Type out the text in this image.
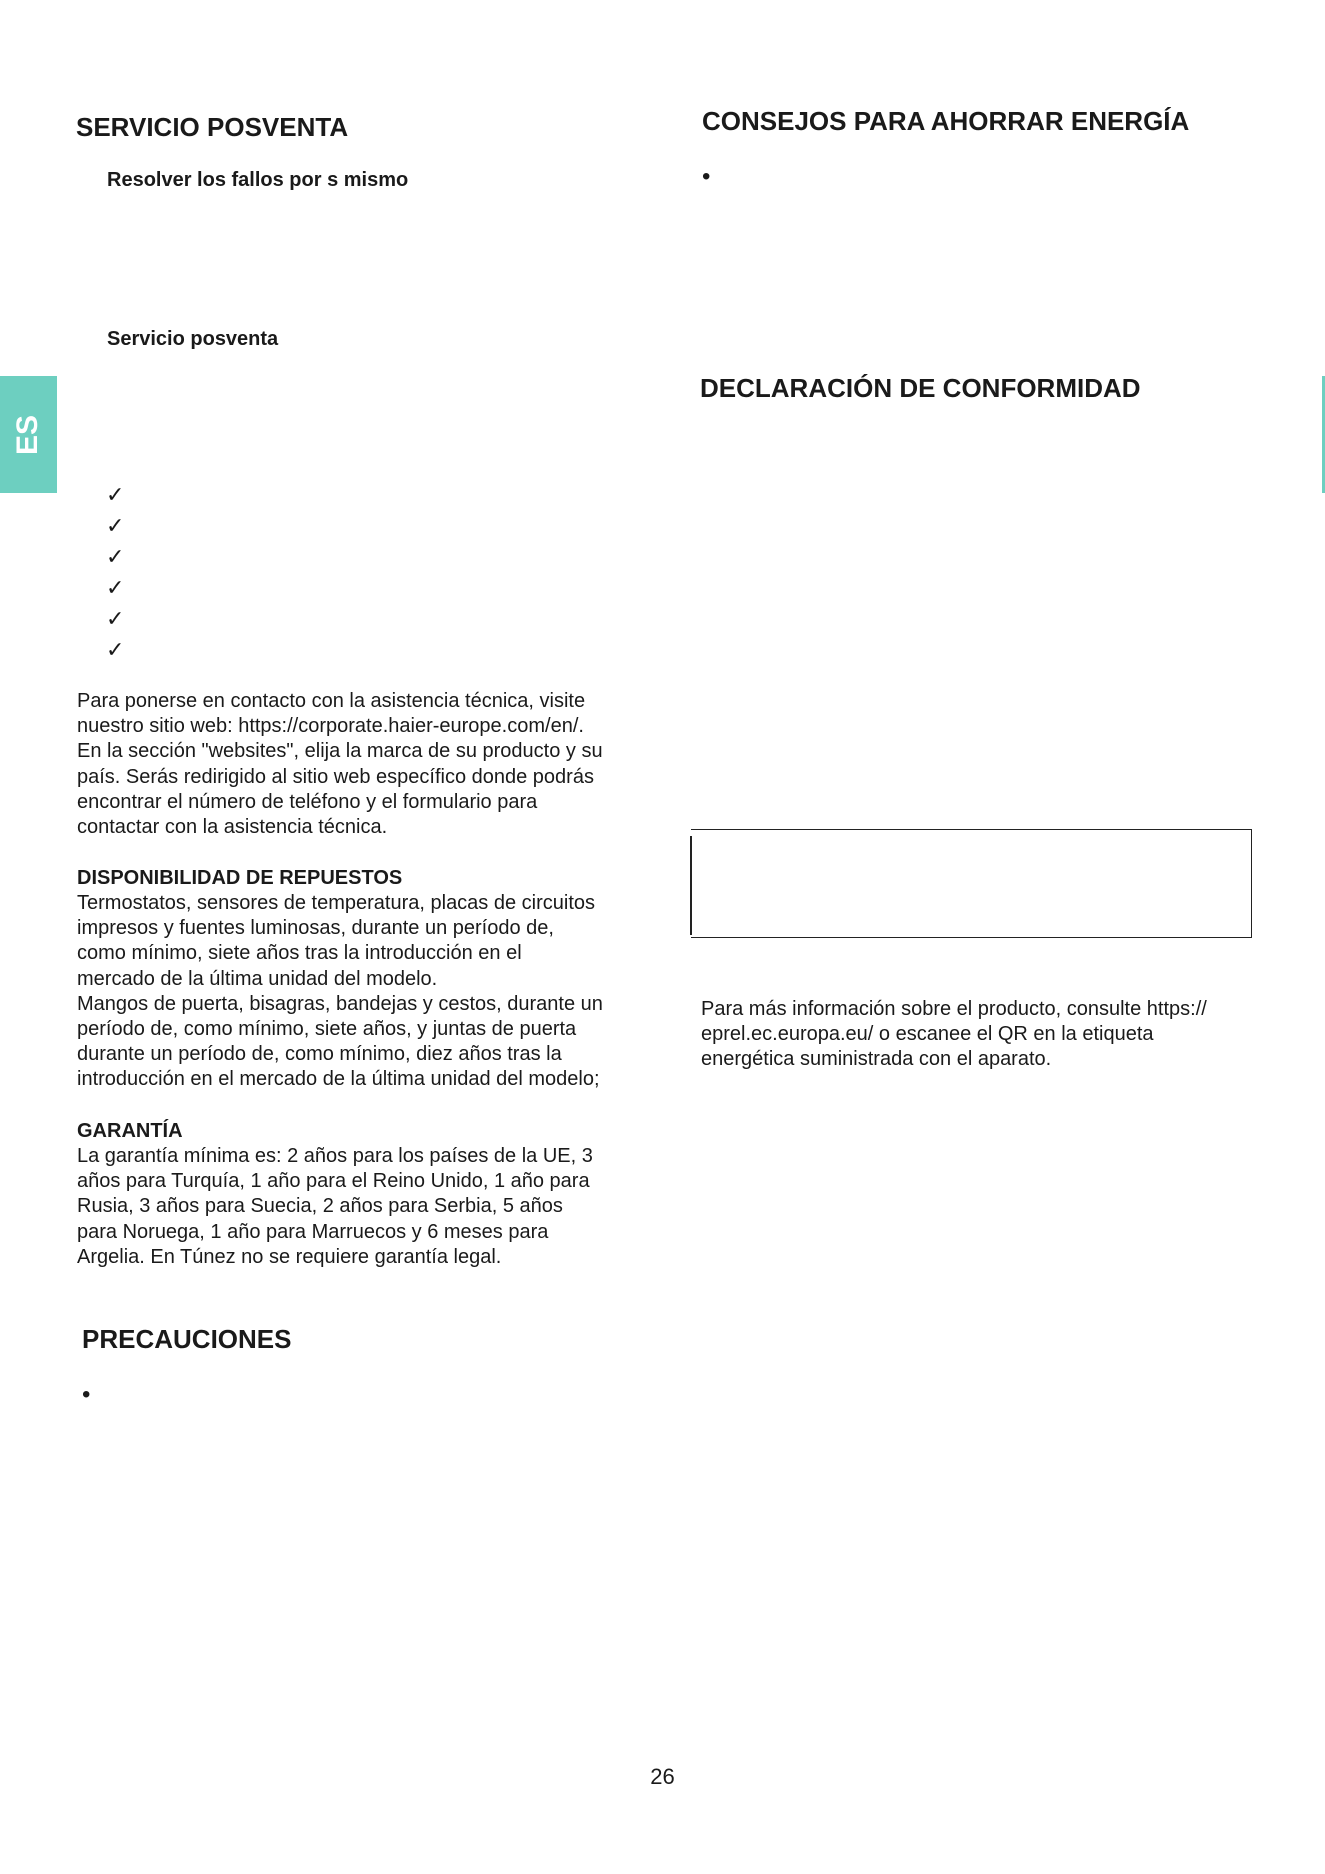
ES
SERVICIO POSVENTA
Resolver los fallos por s mismo
Servicio posventa
✓
✓
✓
✓
✓
✓
Para ponerse en contacto con la asistencia técnica, visite
nuestro sitio web: https://corporate.haier-europe.com/en/.
En la sección "websites", elija la marca de su producto y su
país. Serás redirigido al sitio web específico donde podrás
encontrar el número de teléfono y el formulario para
contactar con la asistencia técnica.
DISPONIBILIDAD DE REPUESTOS
Termostatos, sensores de temperatura, placas de circuitos
impresos y fuentes luminosas, durante un período de,
como mínimo, siete años tras la introducción en el
mercado de la última unidad del modelo.
Mangos de puerta, bisagras, bandejas y cestos, durante un
período de, como mínimo, siete años, y juntas de puerta
durante un período de, como mínimo, diez años tras la
introducción en el mercado de la última unidad del modelo;
GARANTÍA
La garantía mínima es: 2 años para los países de la UE, 3
años para Turquía, 1 año para el Reino Unido, 1 año para
Rusia, 3 años para Suecia, 2 años para Serbia, 5 años
para Noruega, 1 año para Marruecos y 6 meses para
Argelia. En Túnez no se requiere garantía legal.
PRECAUCIONES
•
CONSEJOS PARA AHORRAR ENERGÍA
•
DECLARACIÓN DE CONFORMIDAD
Para más información sobre el producto, consulte https://
eprel.ec.europa.eu/ o escanee el QR en la etiqueta
energética suministrada con el aparato.
26
